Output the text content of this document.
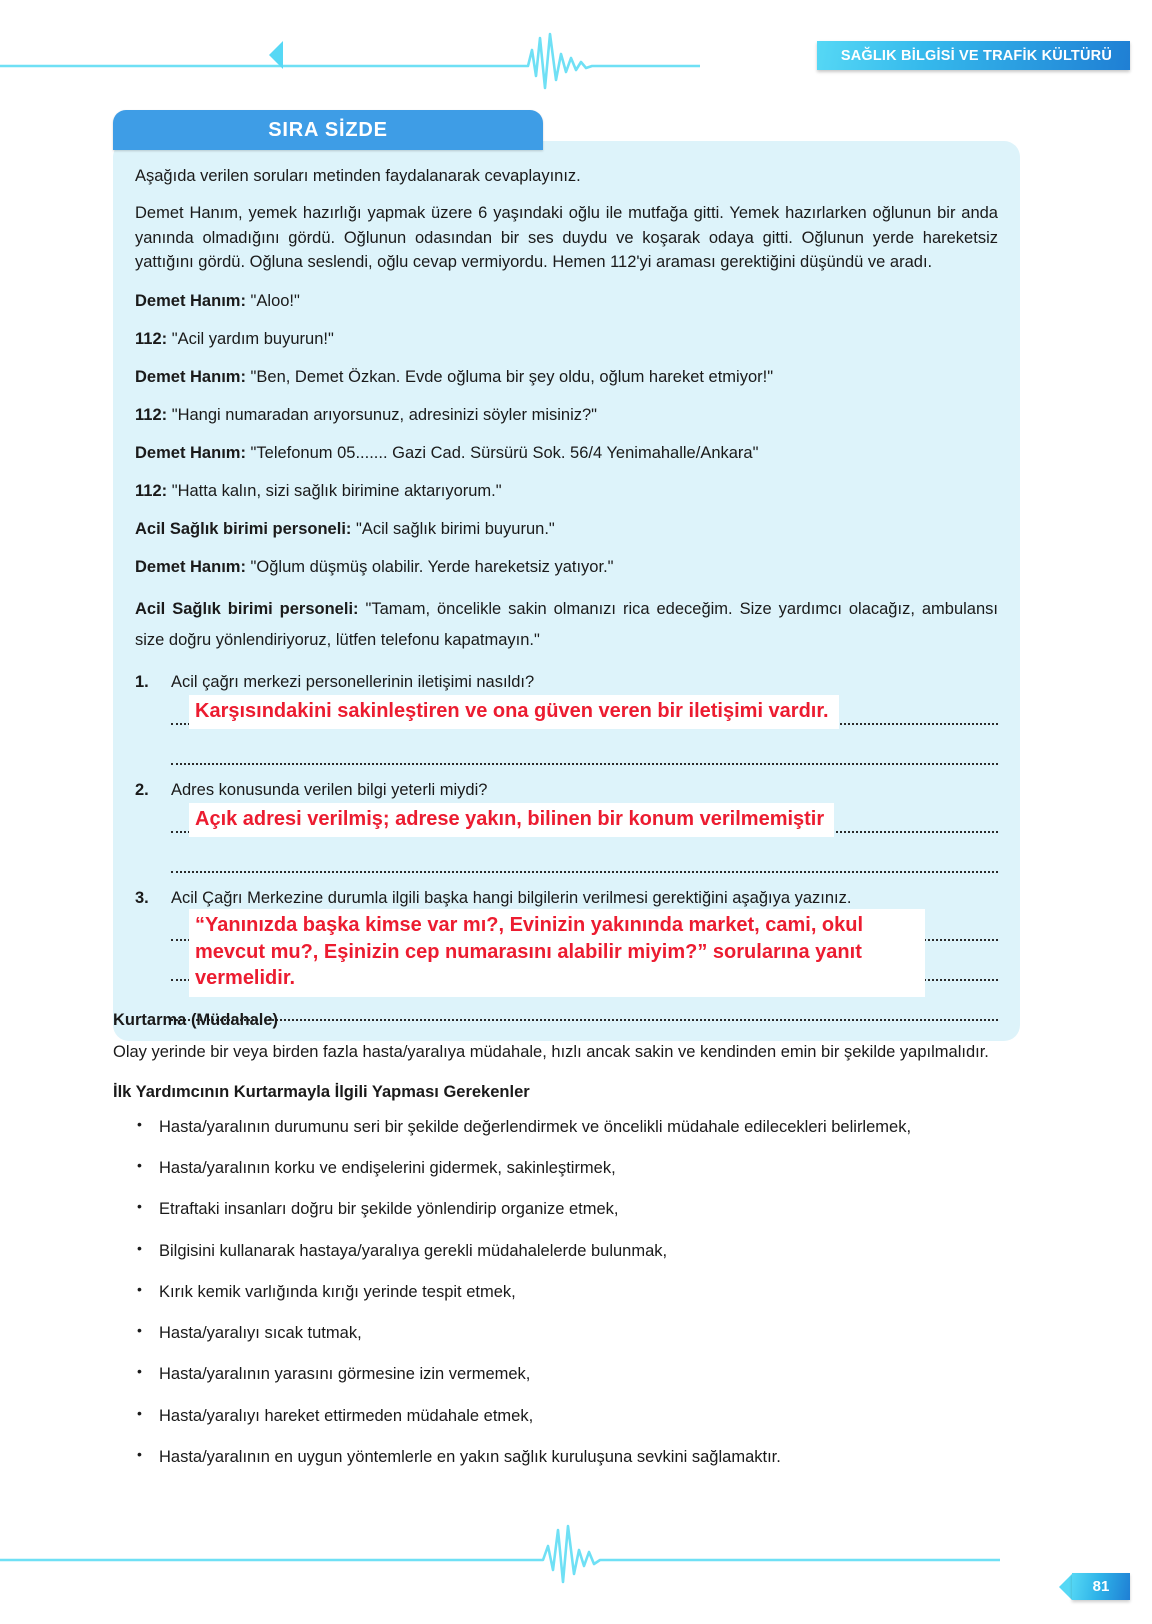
SAĞLIK BİLGİSİ VE TRAFİK KÜLTÜRÜ
SIRA SİZDE

Aşağıda verilen soruları metinden faydalanarak cevaplayınız.

Demet Hanım, yemek hazırlığı yapmak üzere 6 yaşındaki oğlu ile mutfağa gitti. Yemek hazırlarken oğlunun bir anda yanında olmadığını gördü. Oğlunun odasından bir ses duydu ve koşarak odaya gitti. Oğlunun yerde hareketsiz yattığını gördü. Oğluna seslendi, oğlu cevap vermiyordu. Hemen 112'yi araması gerektiğini düşündü ve aradı.

Demet Hanım: "Aloo!"

112: "Acil yardım buyurun!"

Demet Hanım: "Ben, Demet Özkan. Evde oğluma bir şey oldu, oğlum hareket etmiyor!"

112: "Hangi numaradan arıyorsunuz, adresinizi söyler misiniz?"

Demet Hanım: "Telefonum 05....... Gazi Cad. Sürsürü Sok. 56/4 Yenimahalle/Ankara"

112: "Hatta kalın, sizi sağlık birimine aktarıyorum."

Acil Sağlık birimi personeli: "Acil sağlık birimi buyurun."

Demet Hanım: "Oğlum düşmüş olabilir. Yerde hareketsiz yatıyor."

Acil Sağlık birimi personeli: "Tamam, öncelikle sakin olmanızı rica edeceğim. Size yardımcı olacağız, ambulansı size doğru yönlendiriyoruz, lütfen telefonu kapatmayın."

1.	Acil çağrı merkezi personellerinin iletişimi nasıldı?
Karşısındakini sakinleştiren ve ona güven veren bir iletişimi vardır.
2.	Adres konusunda verilen bilgi yeterli miydi?
Açık adresi verilmiş; adrese yakın, bilinen bir konum verilmemiştir
3.	Acil Çağrı Merkezine durumla ilgili başka hangi bilgilerin verilmesi gerektiğini aşağıya yazınız.
“Yanınızda başka kimse var mı?, Evinizin yakınında market, cami, okul mevcut mu?, Eşinizin cep numarasını alabilir miyim?” sorularına yanıt vermelidir.
Kurtarma (Müdahale)

Olay yerinde bir veya birden fazla hasta/yaralıya müdahale, hızlı ancak sakin ve kendinden emin bir şekilde yapılmalıdır.

İlk Yardımcının Kurtarmayla İlgili Yapması Gerekenler
• Hasta/yaralının durumunu seri bir şekilde değerlendirmek ve öncelikli müdahale edilecekleri belirlemek,
• Hasta/yaralının korku ve endişelerini gidermek, sakinleştirmek,
• Etraftaki insanları doğru bir şekilde yönlendirip organize etmek,
• Bilgisini kullanarak hastaya/yaralıya gerekli müdahalelerde bulunmak,
• Kırık kemik varlığında kırığı yerinde tespit etmek,
• Hasta/yaralıyı sıcak tutmak,
• Hasta/yaralının yarasını görmesine izin vermemek,
• Hasta/yaralıyı hareket ettirmeden müdahale etmek,
• Hasta/yaralının en uygun yöntemlerle en yakın sağlık kuruluşuna sevkini sağlamaktır.
81
